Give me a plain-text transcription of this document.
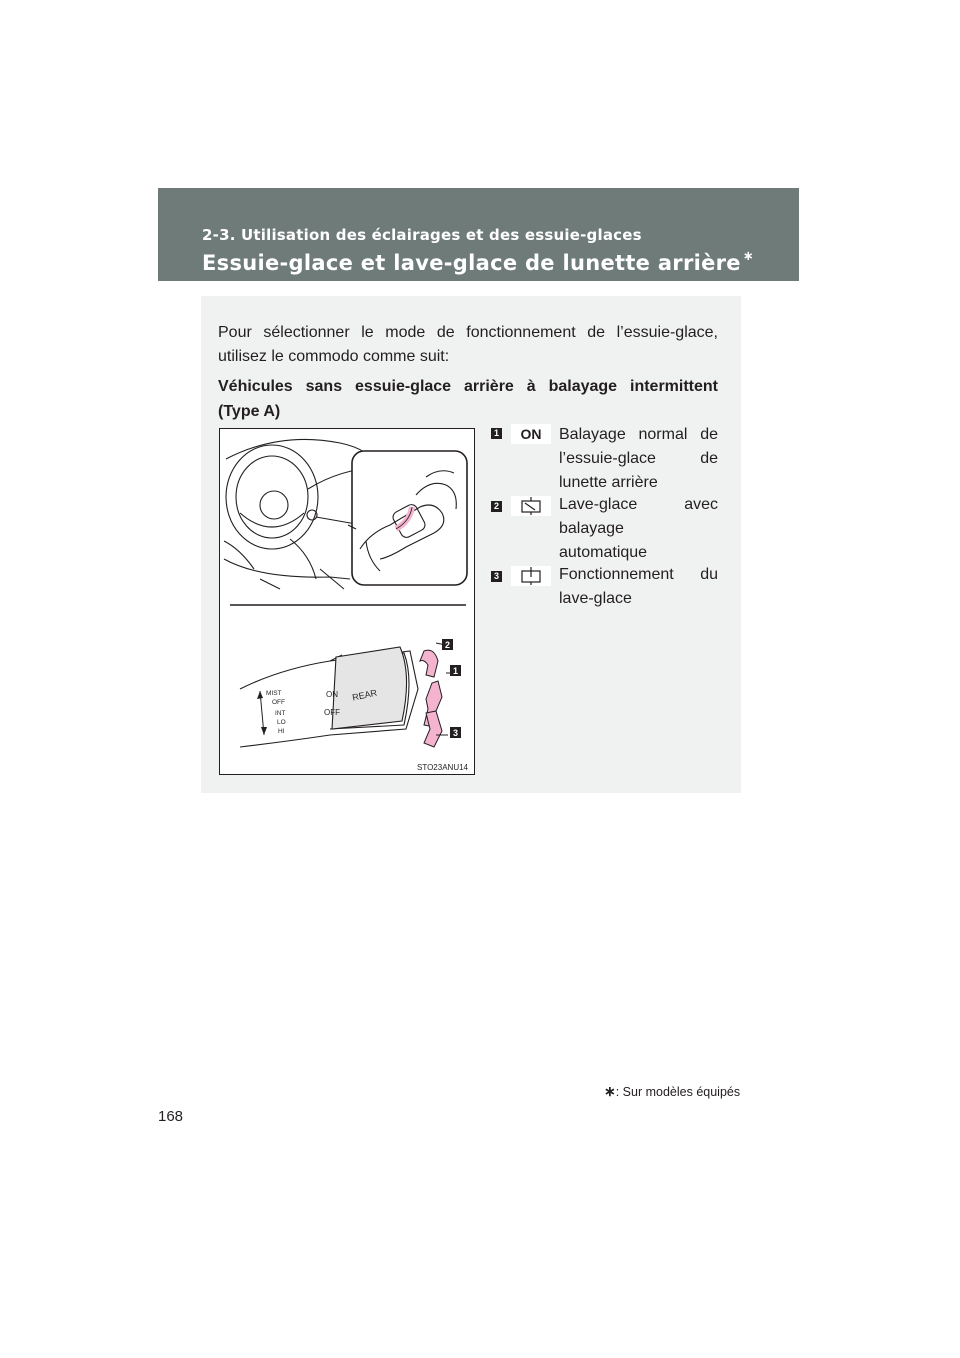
2-3. Utilisation des éclairages et des essuie-glaces
Essuie-glace et lave-glace de lunette arrière ∗
Pour sélectionner le mode de fonctionnement de l’essuie-glace,
utilisez le commodo comme suit:
Véhicules sans essuie-glace arrière à balayage intermittent
(Type A)
MIST
OFF
INT
LO
HI
ON
OFF
REAR
2
1
3
STO23ANU14
1	ON	Balayage normal de
l’essuie-glace de
lunette arrière
2	Lave-glace avec
balayage
automatique
3	Fonctionnement du
lave-glace
∗: Sur modèles équipés
168
